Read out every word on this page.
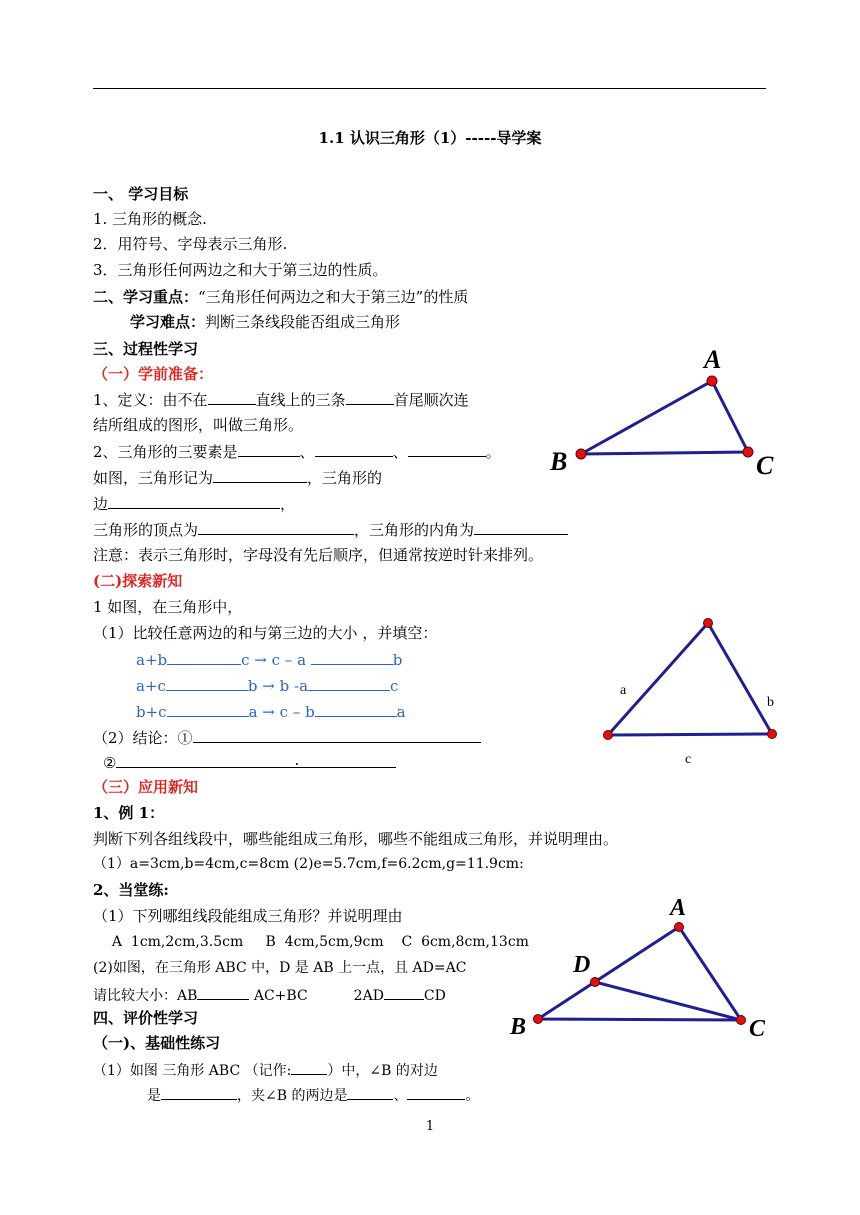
1.1 认识三角形（1）-----导学案
一、 学习目标
1. 三角形的概念.
2．用符号、字母表示三角形.
3．三角形任何两边之和大于第三边的性质。
二、学习重点：“三角形任何两边之和大于第三边”的性质
学习难点：判断三条线段能否组成三角形
三、过程性学习
（一）学前准备：
1、定义：由不在	直线上的三条	首尾顺次连
结所组成的图形，叫做三角形。
2、三角形的三要素是	、	、	。
如图，三角形记为	，三角形的
边	，
三角形的顶点为	，三角形的内角为
注意：表示三角形时，字母没有先后顺序，但通常按逆时针来排列。
(二)探索新知
1 如图，在三角形中，
（1）比较任意两边的和与第三边的大小 ，并填空：
a+b	c → c – a	b
a+c	b → b -a	c
b+c	a → c – b	a
（2）结论：①
②	.
（三）应用新知
1、例 1：
判断下列各组线段中，哪些能组成三角形，哪些不能组成三角形，并说明理由。
（1）a=3cm,b=4cm,c=8cm (2)e=5.7cm,f=6.2cm,g=11.9cm:
2、当堂练:
（1）下列哪组线段能组成三角形？并说明理由
A  1cm,2cm,3.5cm     B  4cm,5cm,9cm    C  6cm,8cm,13cm
(2)如图，在三角形 ABC 中，D 是 AB 上一点，且 AD=AC
请比较大小：AB	AC+BC	2AD	CD
四、评价性学习
（一)、基础性练习
（1）如图 三角形 ABC （记作:	）中，∠B 的对边
是	，夹∠B 的两边是	、	。
A
B	C
a
b
c
A
B	C
D
1
